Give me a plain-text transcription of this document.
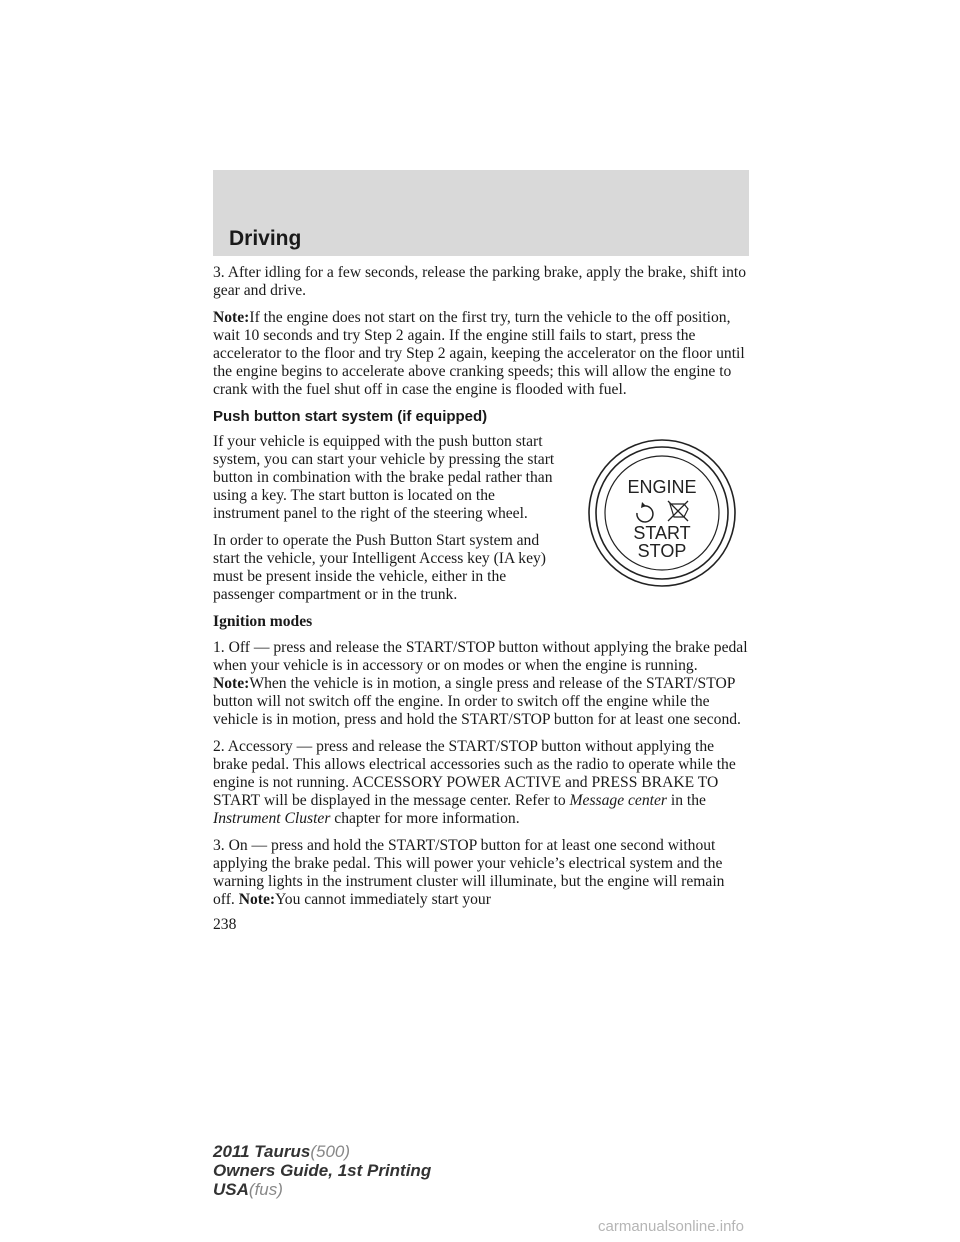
Driving

3. After idling for a few seconds, release the parking brake, apply the brake, shift into gear and drive.

Note:If the engine does not start on the first try, turn the vehicle to the off position, wait 10 seconds and try Step 2 again. If the engine still fails to start, press the accelerator to the floor and try Step 2 again, keeping the accelerator on the floor until the engine begins to accelerate above cranking speeds; this will allow the engine to crank with the fuel shut off in case the engine is flooded with fuel.

Push button start system (if equipped)
ENGINE
START
STOP

If your vehicle is equipped with the push button start system, you can start your vehicle by pressing the start button in combination with the brake pedal rather than using a key. The start button is located on the instrument panel to the right of the steering wheel.

In order to operate the Push Button Start system and start the vehicle, your Intelligent Access key (IA key) must be present inside the vehicle, either in the passenger compartment or in the trunk.

Ignition modes

1. Off — press and release the START/STOP button without applying the brake pedal when your vehicle is in accessory or on modes or when the engine is running. Note:When the vehicle is in motion, a single press and release of the START/STOP button will not switch off the engine. In order to switch off the engine while the vehicle is in motion, press and hold the START/STOP button for at least one second.

2. Accessory — press and release the START/STOP button without applying the brake pedal. This allows electrical accessories such as the radio to operate while the engine is not running. ACCESSORY POWER ACTIVE and PRESS BRAKE TO START will be displayed in the message center. Refer to Message center in the Instrument Cluster chapter for more information.

3. On — press and hold the START/STOP button for at least one second without applying the brake pedal. This will power your vehicle’s electrical system and the warning lights in the instrument cluster will illuminate, but the engine will remain off. Note:You cannot immediately start your

238
2011 Taurus(500)
Owners Guide, 1st Printing
USA(fus)
carmanualsonline.info
